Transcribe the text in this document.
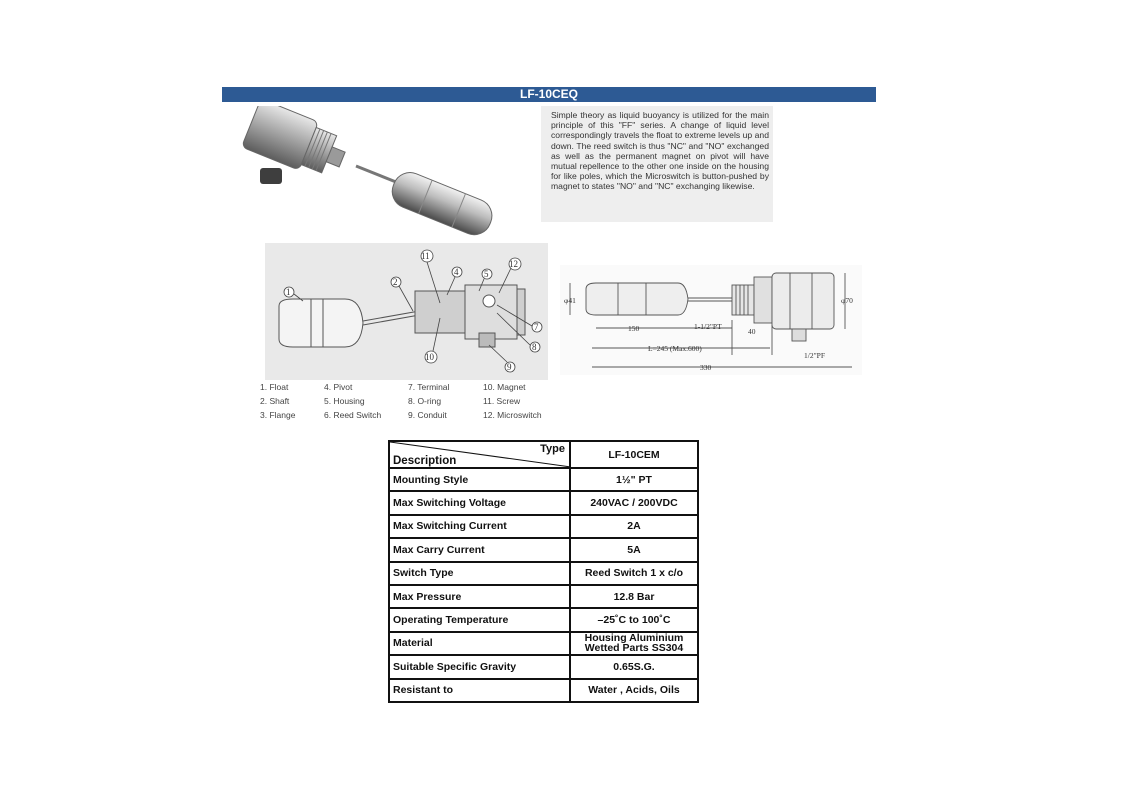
LF-10CEQ

Simple theory as liquid buoyancy is utilized for the main principle of this "FF" series. A change of liquid level correspondingly travels the float to extreme levels up and down. The reed switch is thus "NC" and "NO" exchanged as well as the permanent magnet on pivot will have mutual repellence to the other one inside on the housing for like poles, which the Microswitch is button-pushed by magnet to states "NO" and "NC" exchanging likewise.

1
2
4	5
7
8
9
10
11
12
1. Float	4. Pivot	7. Terminal	10. Magnet
2. Shaft	5. Housing	8. O-ring	11. Screw
3. Flange	6. Reed Switch	9. Conduit	12. Microswitch
φ41	φ70
150	1-1/2"PT
40
L=245 (Max.600)
1/2"PF
330
Type
Description	LF-10CEM
Mounting Style	1½" PT
Max Switching Voltage	240VAC / 200VDC
Max Switching Current	2A
Max Carry Current	5A
Switch Type	Reed Switch 1 x c/o
Max Pressure	12.8 Bar
Operating Temperature	–25˚C to 100˚C
Material	Housing Aluminium
Wetted Parts SS304

Suitable Specific Gravity	0.65S.G.
Resistant to	Water , Acids, Oils
